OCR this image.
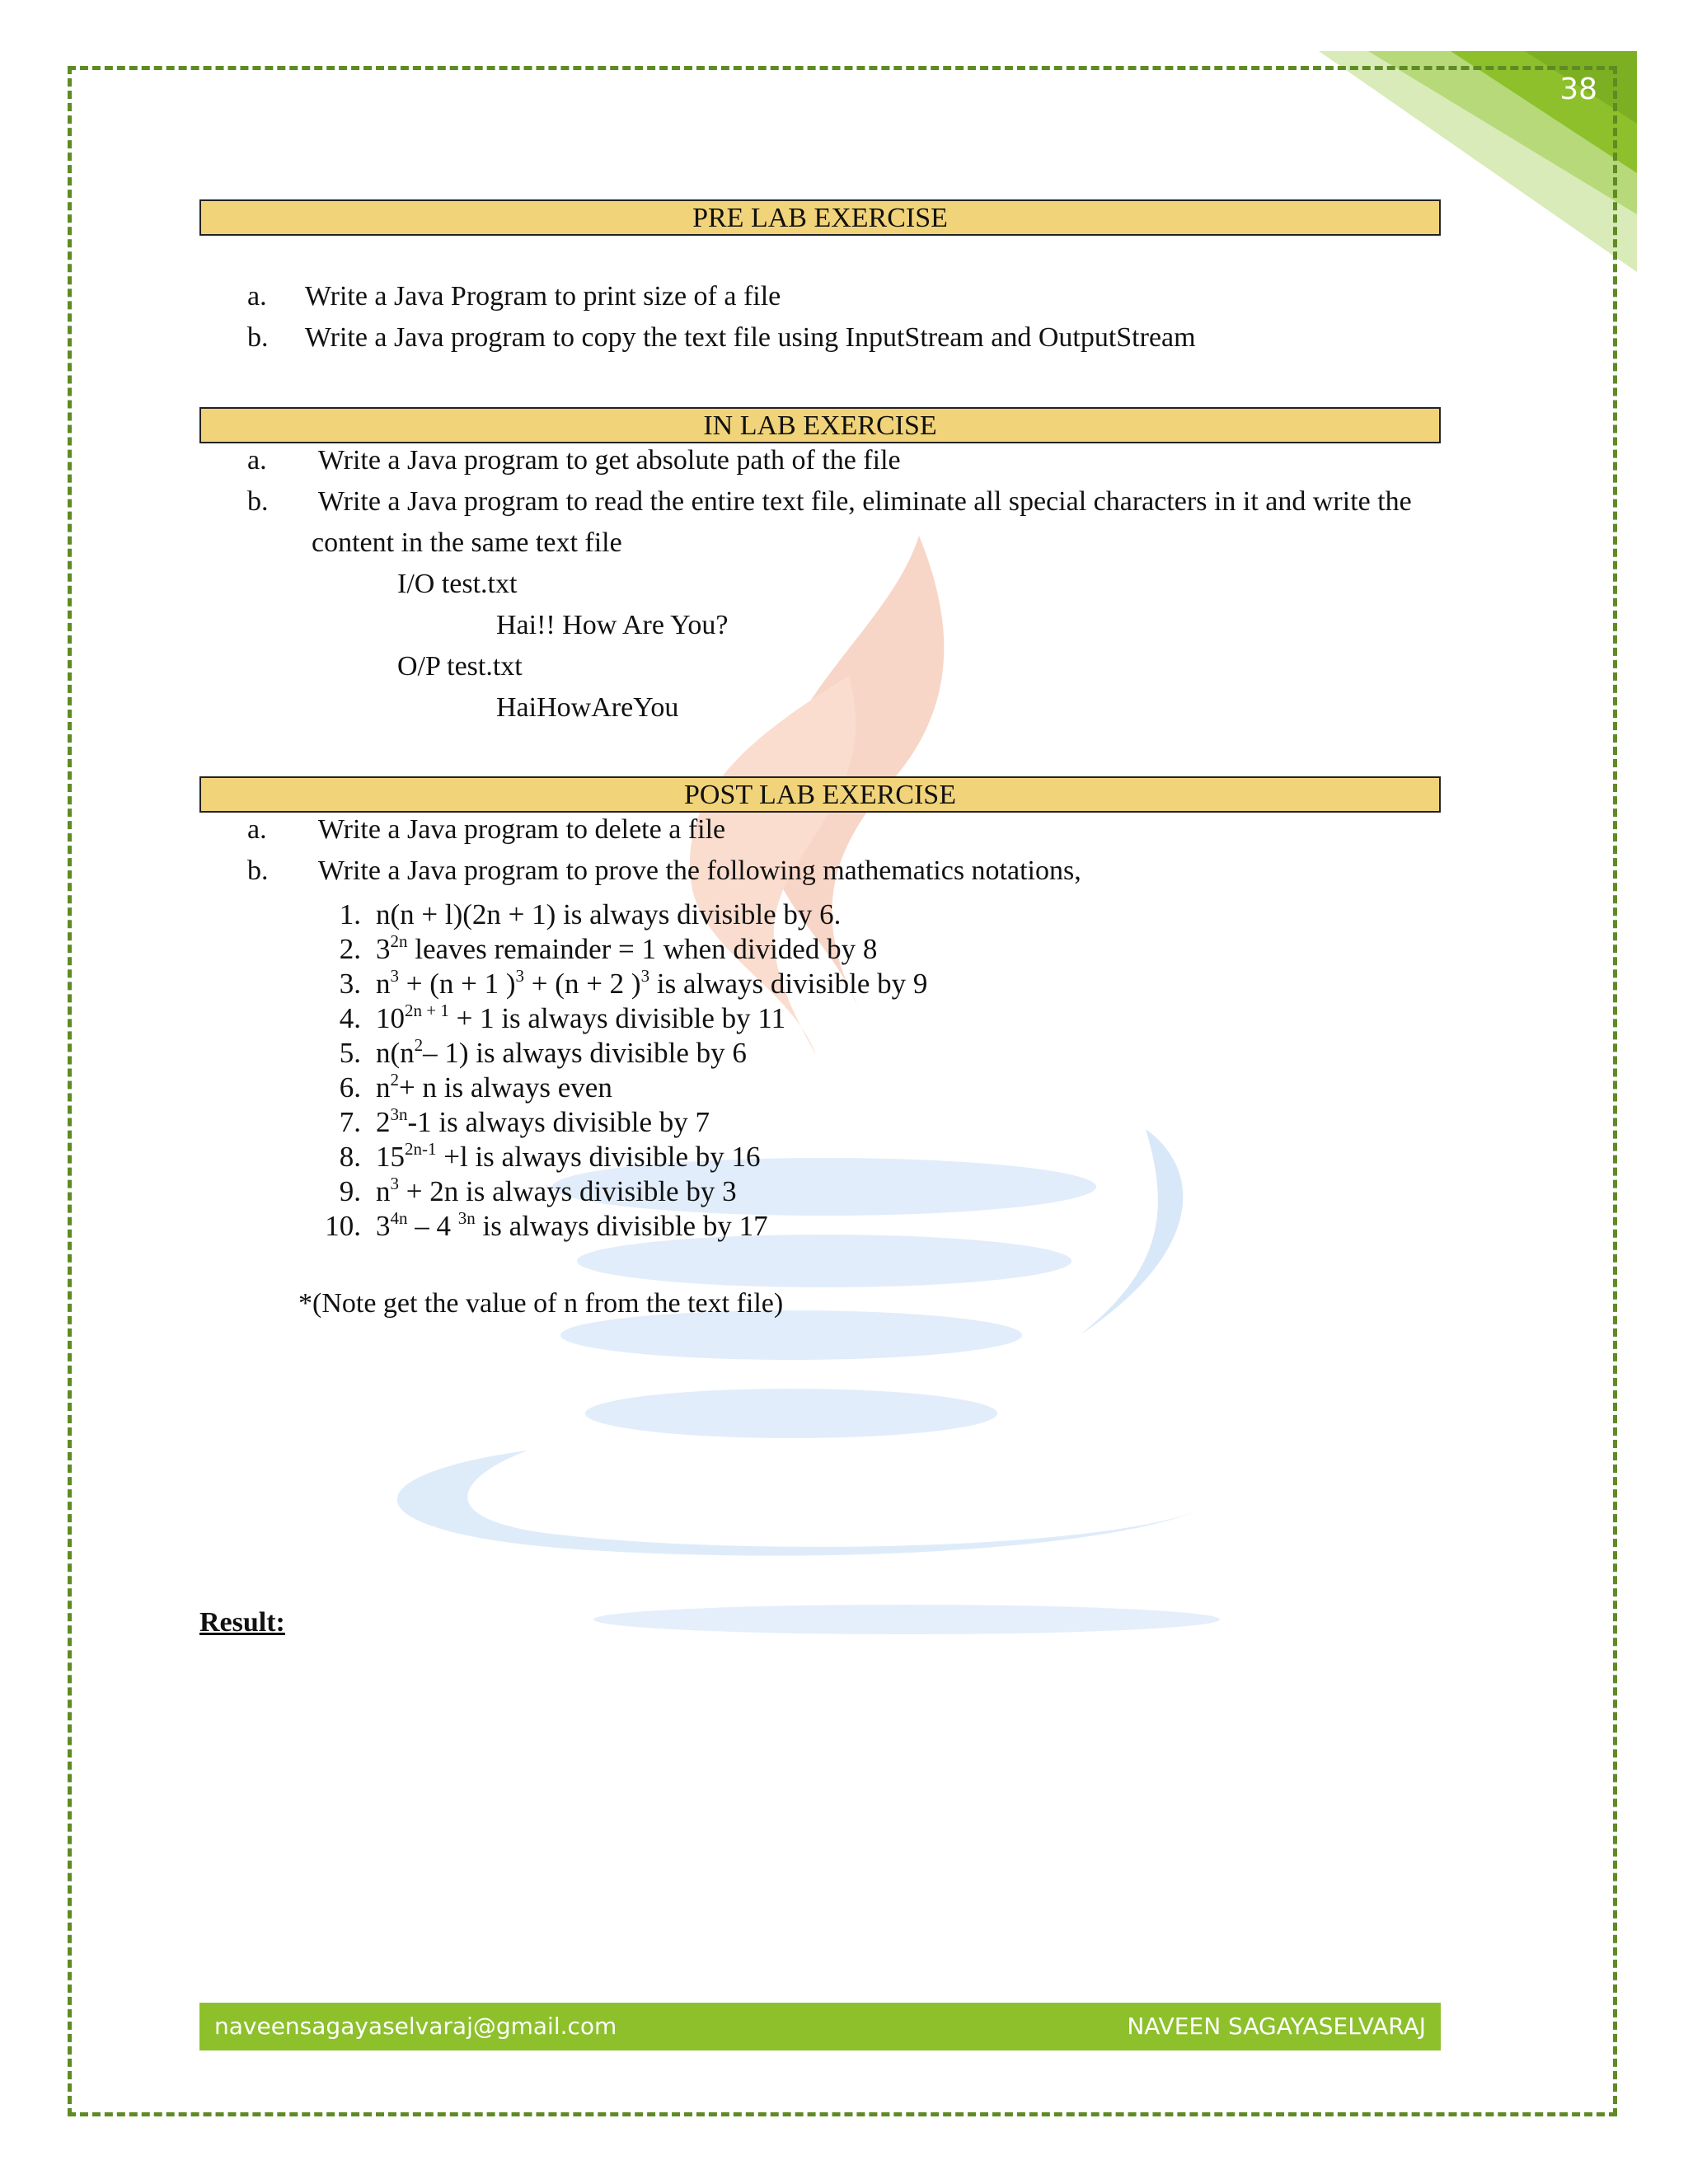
38
PRE LAB EXERCISE
a. Write a Java Program to print size of a file
b. Write a Java program to copy the text file using InputStream and OutputStream
IN LAB EXERCISE
a. Write a Java program to get absolute path of the file
b. Write a Java program to read the entire text file, eliminate all special characters in it and write the
content in the same text file
I/O test.txt
Hai!! How Are You?
O/P test.txt
HaiHowAreYou
POST LAB EXERCISE
a. Write a Java program to delete a file
b. Write a Java program to prove the following mathematics notations,
1. n(n + l)(2n + 1) is always divisible by 6.
2. $3^{2n}$ leaves remainder = 1 when divided by 8
3. $n^3 + (n + 1$ )$^3$ + (n + 2 )$^3$ is always divisible by 9
4. $10^{2n + 1} + 1$ is always divisible by 11
5. $n(n^2-$ 1) is always divisible by 6
6. $n^2+ n$ is always even
7. $2^{3n}-1$ is always divisible by 7
8. $15^{2n-1} +l$ is always divisible by 16
9. $n^3 + 2n$ is always divisible by 3
10. $3^{4n} - 4$ $^{3n}$ is always divisible by 17
*(Note get the value of n from the text file)
Result:
naveensagayaselvaraj@gmail.com	NAVEEN SAGAYASELVARAJ
